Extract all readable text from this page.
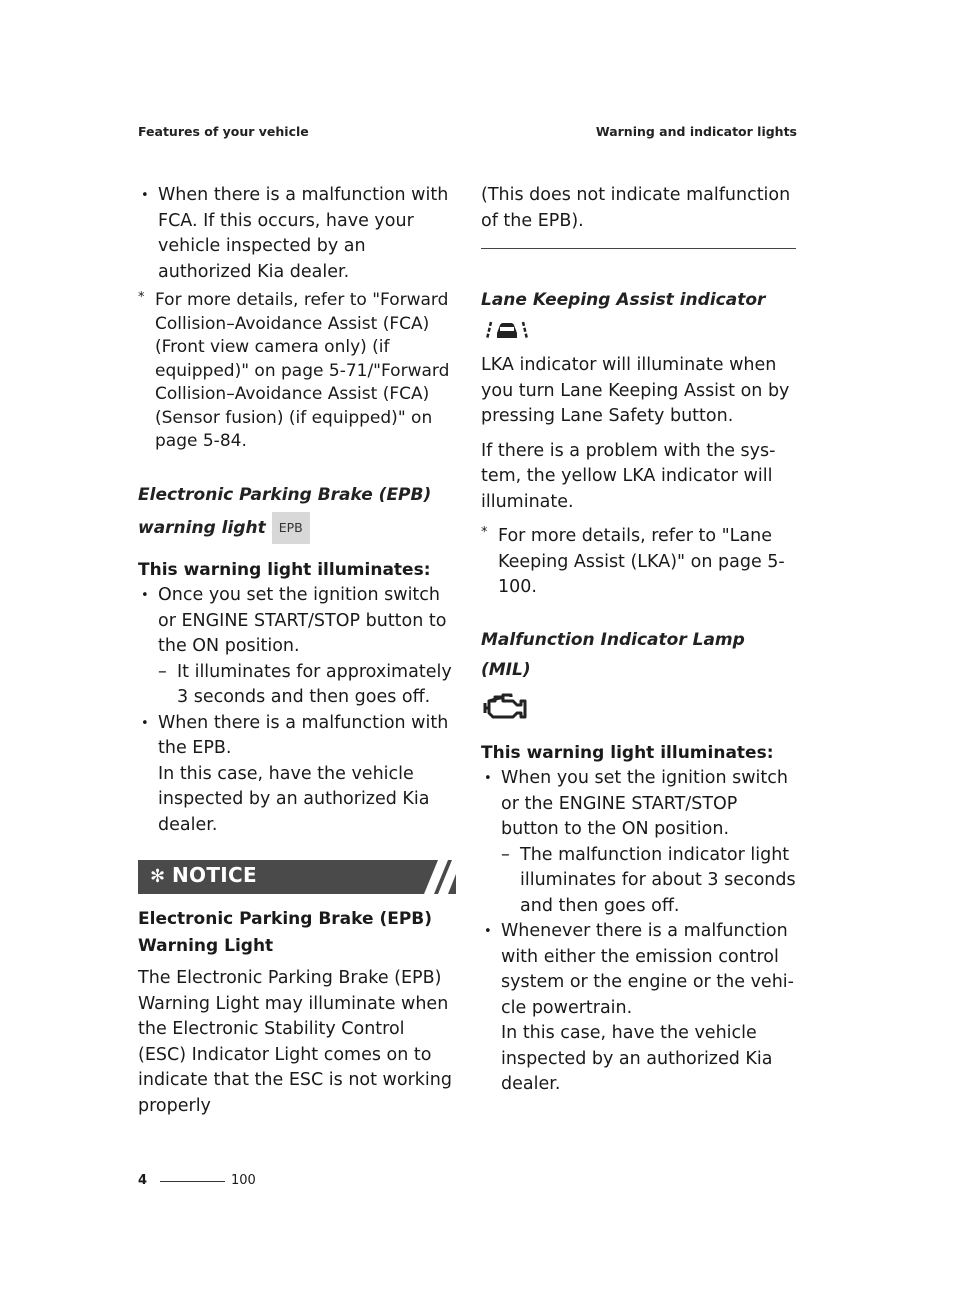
Features of your vehicle	Warning and indicator lights

• When there is a malfunction with FCA. If this occurs, have your vehicle inspected by an authorized Kia dealer.

* For more details, refer to "Forward Collision–Avoidance Assist (FCA) (Front view camera only) (if equipped)" on page 5-71/"Forward Collision–Avoidance Assist (FCA) (Sensor fusion) (if equipped)" on page 5-84.

Electronic Parking Brake (EPB)
warning light EPB

This warning light illuminates:

• Once you set the ignition switch or ENGINE START/STOP button to the ON position.

– It illuminates for approximately 3 seconds and then goes off.

• When there is a malfunction with the EPB.

In this case, have the vehicle inspected by an authorized Kia dealer.

✻ NOTICE

Electronic Parking Brake (EPB) Warning Light

The Electronic Parking Brake (EPB) Warning Light may illuminate when the Electronic Stability Control (ESC) Indicator Light comes on to indicate that the ESC is not working properly

(This does not indicate malfunction of the EPB).

Lane Keeping Assist indicator

LKA indicator will illuminate when you turn Lane Keeping Assist on by pressing Lane Safety button.

If there is a problem with the sys-tem, the yellow LKA indicator will illuminate.

* For more details, refer to "Lane Keeping Assist (LKA)" on page 5-100.

Malfunction Indicator Lamp (MIL)

This warning light illuminates:

• When you set the ignition switch or the ENGINE START/STOP button to the ON position.

– The malfunction indicator light illuminates for about 3 seconds and then goes off.

• Whenever there is a malfunction with either the emission control system or the engine or the vehi-cle powertrain.

In this case, have the vehicle inspected by an authorized Kia dealer.

4	100
